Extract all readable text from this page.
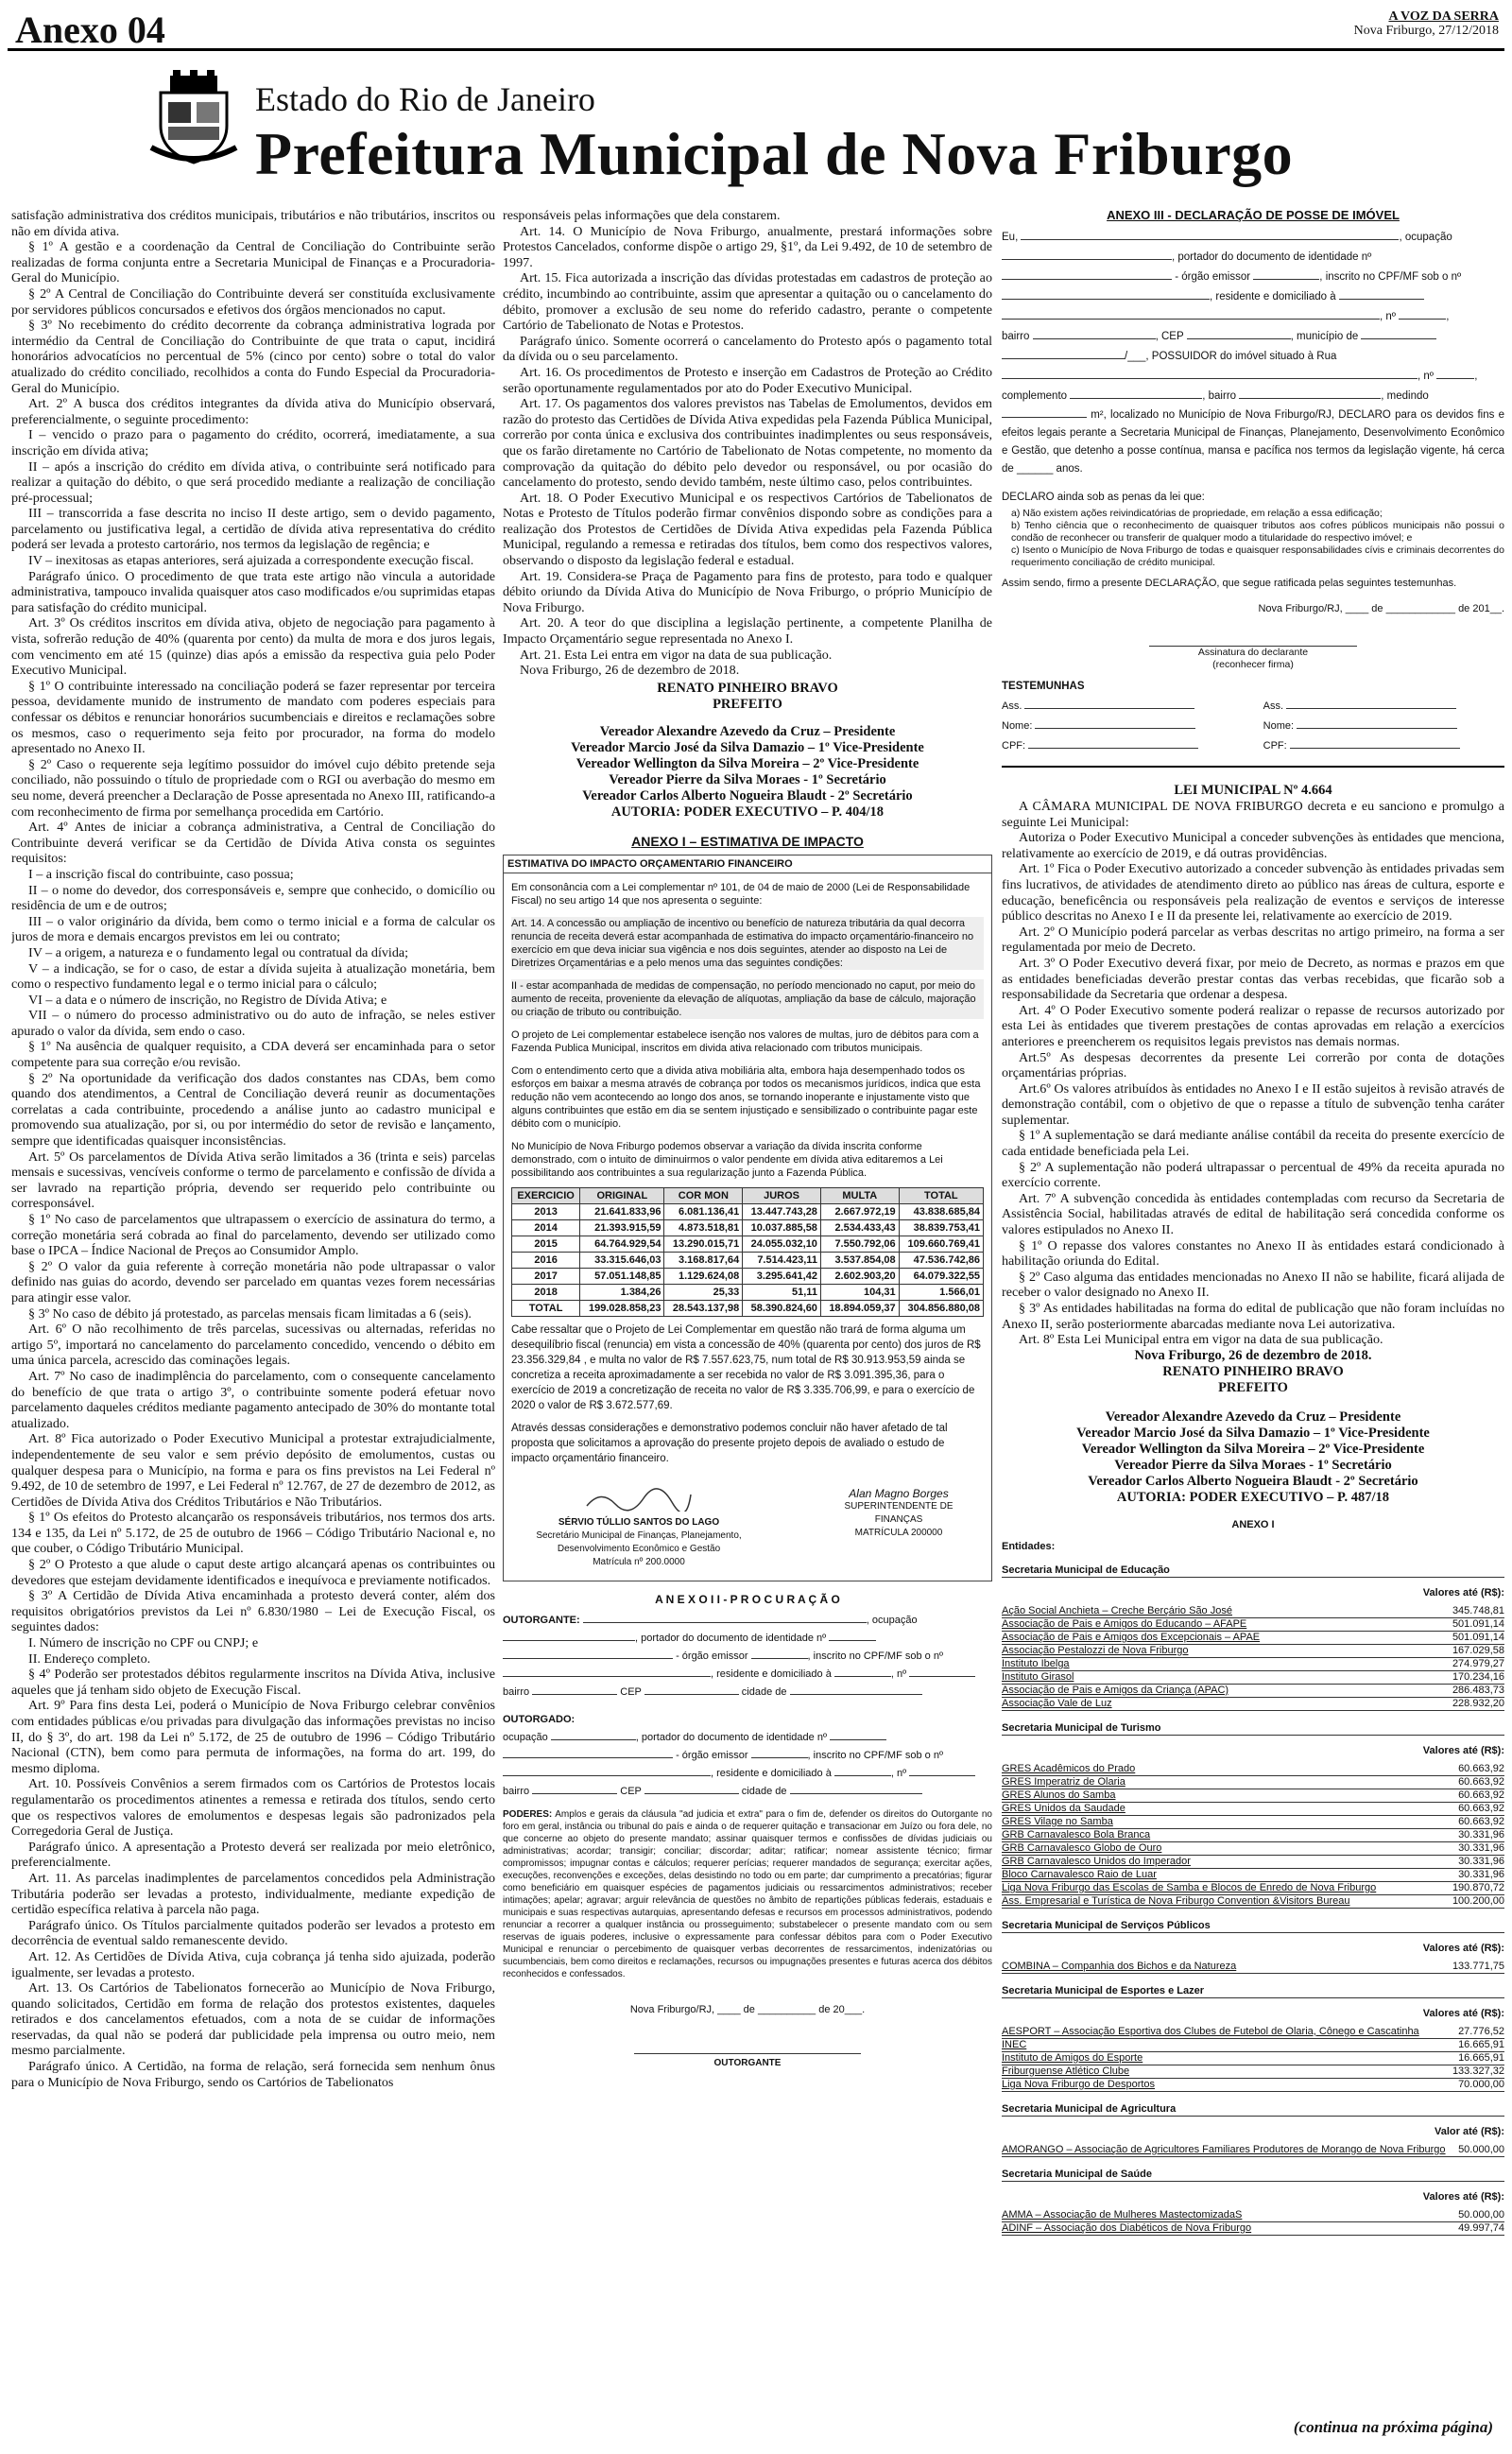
Anexo 04	A VOZ DA SERRA
Nova Friburgo, 27/12/2018
Estado do Rio de Janeiro
Prefeitura Municipal de Nova Friburgo

satisfação administrativa dos créditos municipais, tributários e não tributários, inscritos ou não em dívida ativa.

§ 1º A gestão e a coordenação da Central de Conciliação do Contribuinte serão realizadas de forma conjunta entre a Secretaria Municipal de Finanças e a Procuradoria-Geral do Município.

§ 2º A Central de Conciliação do Contribuinte deverá ser constituída exclusivamente por servidores públicos concursados e efetivos dos órgãos mencionados no caput.

§ 3º No recebimento do crédito decorrente da cobrança administrativa lograda por intermédio da Central de Conciliação do Contribuinte de que trata o caput, incidirá honorários advocatícios no percentual de 5% (cinco por cento) sobre o total do valor atualizado do crédito conciliado, recolhidos a conta do Fundo Especial da Procuradoria-Geral do Município.

Art. 2º A busca dos créditos integrantes da dívida ativa do Município observará, preferencialmente, o seguinte procedimento:

I – vencido o prazo para o pagamento do crédito, ocorrerá, imediatamente, a sua inscrição em dívida ativa;

II – após a inscrição do crédito em dívida ativa, o contribuinte será notificado para realizar a quitação do débito, o que será procedido mediante a realização de conciliação pré-processual;

III – transcorrida a fase descrita no inciso II deste artigo, sem o devido pagamento, parcelamento ou justificativa legal, a certidão de dívida ativa representativa do crédito poderá ser levada a protesto cartorário, nos termos da legislação de regência; e

IV – inexitosas as etapas anteriores, será ajuizada a correspondente execução fiscal.

Parágrafo único. O procedimento de que trata este artigo não vincula a autoridade administrativa, tampouco invalida quaisquer atos caso modificados e/ou suprimidas etapas para satisfação do crédito municipal.

Art. 3º Os créditos inscritos em dívida ativa, objeto de negociação para pagamento à vista, sofrerão redução de 40% (quarenta por cento) da multa de mora e dos juros legais, com vencimento em até 15 (quinze) dias após a emissão da respectiva guia pelo Poder Executivo Municipal.

§ 1º O contribuinte interessado na conciliação poderá se fazer representar por terceira pessoa, devidamente munido de instrumento de mandato com poderes especiais para confessar os débitos e renunciar honorários sucumbenciais e direitos e reclamações sobre os mesmos, caso o requerimento seja feito por procurador, na forma do modelo apresentado no Anexo II.

§ 2º Caso o requerente seja legítimo possuidor do imóvel cujo débito pretende seja conciliado, não possuindo o título de propriedade com o RGI ou averbação do mesmo em seu nome, deverá preencher a Declaração de Posse apresentada no Anexo III, ratificando-a com reconhecimento de firma por semelhança procedida em Cartório.

Art. 4º Antes de iniciar a cobrança administrativa, a Central de Conciliação do Contribuinte deverá verificar se da Certidão de Dívida Ativa consta os seguintes requisitos:

I – a inscrição fiscal do contribuinte, caso possua;

II – o nome do devedor, dos corresponsáveis e, sempre que conhecido, o domicílio ou residência de um e de outros;

III – o valor originário da dívida, bem como o termo inicial e a forma de calcular os juros de mora e demais encargos previstos em lei ou contrato;

IV – a origem, a natureza e o fundamento legal ou contratual da dívida;

V – a indicação, se for o caso, de estar a dívida sujeita à atualização monetária, bem como o respectivo fundamento legal e o termo inicial para o cálculo;

VI – a data e o número de inscrição, no Registro de Dívida Ativa; e

VII – o número do processo administrativo ou do auto de infração, se neles estiver apurado o valor da dívida, sem endo o caso.

§ 1º Na ausência de qualquer requisito, a CDA deverá ser encaminhada para o setor competente para sua correção e/ou revisão.

§ 2º Na oportunidade da verificação dos dados constantes nas CDAs, bem como quando dos atendimentos, a Central de Conciliação deverá reunir as documentações correlatas a cada contribuinte, procedendo a análise junto ao cadastro municipal e promovendo sua atualização, por si, ou por intermédio do setor de revisão e lançamento, sempre que identificadas quaisquer inconsistências.

Art. 5º Os parcelamentos de Dívida Ativa serão limitados a 36 (trinta e seis) parcelas mensais e sucessivas, vencíveis conforme o termo de parcelamento e confissão de dívida a ser lavrado na repartição própria, devendo ser requerido pelo contribuinte ou corresponsável.

§ 1º No caso de parcelamentos que ultrapassem o exercício de assinatura do termo, a correção monetária será cobrada ao final do parcelamento, devendo ser utilizado como base o IPCA – Índice Nacional de Preços ao Consumidor Amplo.

§ 2º O valor da guia referente à correção monetária não pode ultrapassar o valor definido nas guias do acordo, devendo ser parcelado em quantas vezes forem necessárias para atingir esse valor.

§ 3º No caso de débito já protestado, as parcelas mensais ficam limitadas a 6 (seis).

Art. 6º O não recolhimento de três parcelas, sucessivas ou alternadas, referidas no artigo 5º, importará no cancelamento do parcelamento concedido, vencendo o débito em uma única parcela, acrescido das cominações legais.

Art. 7º No caso de inadimplência do parcelamento, com o consequente cancelamento do benefício de que trata o artigo 3º, o contribuinte somente poderá efetuar novo parcelamento daqueles créditos mediante pagamento antecipado de 30% do montante total atualizado.

Art. 8º Fica autorizado o Poder Executivo Municipal a protestar extrajudicialmente, independentemente de seu valor e sem prévio depósito de emolumentos, custas ou qualquer despesa para o Município, na forma e para os fins previstos na Lei Federal nº 9.492, de 10 de setembro de 1997, e Lei Federal nº 12.767, de 27 de dezembro de 2012, as Certidões de Dívida Ativa dos Créditos Tributários e Não Tributários.

§ 1º Os efeitos do Protesto alcançarão os responsáveis tributários, nos termos dos arts. 134 e 135, da Lei nº 5.172, de 25 de outubro de 1966 – Código Tributário Nacional e, no que couber, o Código Tributário Municipal.

§ 2º O Protesto a que alude o caput deste artigo alcançará apenas os contribuintes ou devedores que estejam devidamente identificados e inequívoca e previamente notificados.

§ 3º A Certidão de Dívida Ativa encaminhada a protesto deverá conter, além dos requisitos obrigatórios previstos da Lei nº 6.830/1980 – Lei de Execução Fiscal, os seguintes dados:

I. Número de inscrição no CPF ou CNPJ; e

II. Endereço completo.

§ 4º Poderão ser protestados débitos regularmente inscritos na Dívida Ativa, inclusive aqueles que já tenham sido objeto de Execução Fiscal.

Art. 9º Para fins desta Lei, poderá o Município de Nova Friburgo celebrar convênios com entidades públicas e/ou privadas para divulgação das informações previstas no inciso II, do § 3º, do art. 198 da Lei nº 5.172, de 25 de outubro de 1996 – Código Tributário Nacional (CTN), bem como para permuta de informações, na forma do art. 199, do mesmo diploma.

Art. 10. Possíveis Convênios a serem firmados com os Cartórios de Protestos locais regulamentarão os procedimentos atinentes a remessa e retirada dos títulos, sendo certo que os respectivos valores de emolumentos e despesas legais são padronizados pela Corregedoria Geral de Justiça.

Parágrafo único. A apresentação a Protesto deverá ser realizada por meio eletrônico, preferencialmente.

Art. 11. As parcelas inadimplentes de parcelamentos concedidos pela Administração Tributária poderão ser levadas a protesto, individualmente, mediante expedição de certidão específica relativa à parcela não paga.

Parágrafo único. Os Títulos parcialmente quitados poderão ser levados a protesto em decorrência de eventual saldo remanescente devido.

Art. 12. As Certidões de Dívida Ativa, cuja cobrança já tenha sido ajuizada, poderão igualmente, ser levadas a protesto.

Art. 13. Os Cartórios de Tabelionatos fornecerão ao Município de Nova Friburgo, quando solicitados, Certidão em forma de relação dos protestos existentes, daqueles retirados e dos cancelamentos efetuados, com a nota de se cuidar de informações reservadas, da qual não se poderá dar publicidade pela imprensa ou outro meio, nem mesmo parcialmente.

Parágrafo único. A Certidão, na forma de relação, será fornecida sem nenhum ônus para o Município de Nova Friburgo, sendo os Cartórios de Tabelionatos

responsáveis pelas informações que dela constarem.

Art. 14. O Município de Nova Friburgo, anualmente, prestará informações sobre Protestos Cancelados, conforme dispõe o artigo 29, §1º, da Lei 9.492, de 10 de setembro de 1997.

Art. 15. Fica autorizada a inscrição das dívidas protestadas em cadastros de proteção ao crédito, incumbindo ao contribuinte, assim que apresentar a quitação ou o cancelamento do débito, promover a exclusão de seu nome do referido cadastro, perante o competente Cartório de Tabelionato de Notas e Protestos.

Parágrafo único. Somente ocorrerá o cancelamento do Protesto após o pagamento total da dívida ou o seu parcelamento.

Art. 16. Os procedimentos de Protesto e inserção em Cadastros de Proteção ao Crédito serão oportunamente regulamentados por ato do Poder Executivo Municipal.

Art. 17. Os pagamentos dos valores previstos nas Tabelas de Emolumentos, devidos em razão do protesto das Certidões de Dívida Ativa expedidas pela Fazenda Pública Municipal, correrão por conta única e exclusiva dos contribuintes inadimplentes ou seus responsáveis, que os farão diretamente no Cartório de Tabelionato de Notas competente, no momento da comprovação da quitação do débito pelo devedor ou responsável, ou por ocasião do cancelamento do protesto, sendo devido também, neste último caso, pelos contribuintes.

Art. 18. O Poder Executivo Municipal e os respectivos Cartórios de Tabelionatos de Notas e Protesto de Títulos poderão firmar convênios dispondo sobre as condições para a realização dos Protestos de Certidões de Dívida Ativa expedidas pela Fazenda Pública Municipal, regulando a remessa e retiradas dos títulos, bem como dos respectivos valores, observando o disposto da legislação federal e estadual.

Art. 19. Considera-se Praça de Pagamento para fins de protesto, para todo e qualquer débito oriundo da Dívida Ativa do Município de Nova Friburgo, o próprio Município de Nova Friburgo.

Art. 20. A teor do que disciplina a legislação pertinente, a competente Planilha de Impacto Orçamentário segue representada no Anexo I.

Art. 21. Esta Lei entra em vigor na data de sua publicação.

Nova Friburgo, 26 de dezembro de 2018.

RENATO PINHEIRO BRAVO
PREFEITO
Vereador Alexandre Azevedo da Cruz – Presidente
Vereador Marcio José da Silva Damazio – 1º Vice-Presidente
Vereador Wellington da Silva Moreira – 2º Vice-Presidente
Vereador Pierre da Silva Moraes - 1º Secretário
Vereador Carlos Alberto Nogueira Blaudt - 2º Secretário
AUTORIA: PODER EXECUTIVO – P. 404/18
ANEXO I – ESTIMATIVA DE IMPACTO
ESTIMATIVA DO IMPACTO ORÇAMENTARIO FINANCEIRO

Em consonância com a Lei complementar nº 101, de 04 de maio de 2000 (Lei de Responsabilidade Fiscal) no seu artigo 14 que nos apresenta o seguinte:

Art. 14. A concessão ou ampliação de incentivo ou benefício de natureza tributária da qual decorra renuncia de receita deverá estar acompanhada de estimativa do impacto orçamentário-financeiro no exercício em que deva iniciar sua vigência e nos dois seguintes, atender ao disposto na Lei de Diretrizes Orçamentárias e a pelo menos uma das seguintes condições:

II - estar acompanhada de medidas de compensação, no período mencionado no caput, por meio do aumento de receita, proveniente da elevação de alíquotas, ampliação da base de cálculo, majoração ou criação de tributo ou contribuição.

O projeto de Lei complementar estabelece isenção nos valores de multas, juro de débitos para com a Fazenda Publica Municipal, inscritos em divida ativa relacionado com tributos municipais.

Com o entendimento certo que a divida ativa mobiliária alta, embora haja desempenhado todos os esforços em baixar a mesma através de cobrança por todos os mecanismos jurídicos, indica que esta redução não vem acontecendo ao longo dos anos, se tornando inoperante e injustamente visto que alguns contribuintes que estão em dia se sentem injustiçado e sensibilizado o contribuinte pagar este débito com o município.

No Município de Nova Friburgo podemos observar a variação da dívida inscrita conforme demonstrado, com o intuito de diminuirmos o valor pendente em dívida ativa editaremos a Lei possibilitando aos contribuintes a sua regularização junto a Fazenda Pública.

EXERCICIO	ORIGINAL	COR MON	JUROS	MULTA	TOTAL
2013	21.641.833,96	6.081.136,41	13.447.743,28	2.667.972,19	43.838.685,84
2014	21.393.915,59	4.873.518,81	10.037.885,58	2.534.433,43	38.839.753,41
2015	64.764.929,54	13.290.015,71	24.055.032,10	7.550.792,06	109.660.769,41
2016	33.315.646,03	3.168.817,64	7.514.423,11	3.537.854,08	47.536.742,86
2017	57.051.148,85	1.129.624,08	3.295.641,42	2.602.903,20	64.079.322,55
2018	1.384,26	25,33	51,11	104,31	1.566,01
TOTAL	199.028.858,23	28.543.137,98	58.390.824,60	18.894.059,37	304.856.880,08

Cabe ressaltar que o Projeto de Lei Complementar em questão não trará de forma alguma um desequilíbrio fiscal (renuncia) em vista a concessão de 40% (quarenta por cento) dos juros de R$ 23.356.329,84 , e multa no valor de R$ 7.557.623,75, num total de R$ 30.913.953,59 ainda se concretiza a receita aproximadamente a ser recebida no valor de R$ 3.091.395,36, para o exercício de 2019 a concretização de receita no valor de R$ 3.335.706,99, e para o exercício de 2020 o valor de R$ 3.672.577,69.

Através dessas considerações e demonstrativo podemos concluir não haver afetado de tal proposta que solicitamos a aprovação do presente projeto depois de avaliado o estudo de impacto orçamentário financeiro.

SÉRVIO TÚLLIO SANTOS DO LAGO
Secretário Municipal de Finanças, Planejamento,
Desenvolvimento Econômico e Gestão
Matrícula nº 200.0000
Alan Magno Borges
SUPERINTENDENTE DE FINANÇAS
MATRÍCULA 200000
A N E X O I I - P R O C U R A Ç Ã O
OUTORGANTE:	, ocupação
, portador do documento de identidade nº
- órgão emissor	, inscrito no CPF/MF sob o nº
, residente e domiciliado à	, nº
bairro	CEP	cidade de
OUTORGADO:
ocupação	, portador do documento de identidade nº
- órgão emissor	, inscrito no CPF/MF sob o nº
, residente e domiciliado à	, nº
bairro	CEP	cidade de
PODERES: Amplos e gerais da cláusula "ad judicia et extra" para o fim de, defender os direitos do Outorgante no foro em geral, instância ou tribunal do país e ainda o de requerer quitação e transacionar em Juízo ou fora dele, no que concerne ao objeto do presente mandato; assinar quaisquer termos e confissões de dívidas judiciais ou administrativas; acordar; transigir; conciliar; discordar; aditar; ratificar; nomear assistente técnico; firmar compromissos; impugnar contas e cálculos; requerer perícias; requerer mandados de segurança; exercitar ações, execuções, reconvenções e exceções, delas desistindo no todo ou em parte; dar cumprimento a precatórias; figurar como beneficiário em quaisquer espécies de pagamentos judiciais ou ressarcimentos administrativos; receber intimações; apelar; agravar; arguir relevância de questões no âmbito de repartições públicas federais, estaduais e municipais e suas respectivas autarquias, apresentando defesas e recursos em processos administrativos, podendo renunciar a recorrer a qualquer instância ou prosseguimento; substabelecer o presente mandato com ou sem reservas de iguais poderes, inclusive o expressamente para confessar débitos para com o Poder Executivo Municipal e renunciar o percebimento de quaisquer verbas decorrentes de ressarcimentos, indenizatórias ou sucumbenciais, bem como direitos e reclamações, recursos ou impugnações presentes e futuras acerca dos débitos reconhecidos e confessados.
Nova Friburgo/RJ, ____ de __________ de 20___.
OUTORGANTE
ANEXO III - DECLARAÇÃO DE POSSE DE IMÓVEL
Eu,	, ocupação
, portador do documento de identidade nº
- órgão emissor	, inscrito no CPF/MF sob o nº
, residente e domiciliado à
, nº	,
bairro	, CEP	, município de
/___, POSSUIDOR do imóvel situado à Rua
, nº	,
complemento	, bairro	, medindo
m², localizado no Município de Nova Friburgo/RJ, DECLARO para os devidos fins e efeitos legais perante a Secretaria Municipal de Finanças, Planejamento, Desenvolvimento Econômico e Gestão, que detenho a posse contínua, mansa e pacífica nos termos da legislação vigente, há cerca de ______ anos.
DECLARO ainda sob as penas da lei que:
a) Não existem ações reivindicatórias de propriedade, em relação a essa edificação;
b) Tenho ciência que o reconhecimento de quaisquer tributos aos cofres públicos municipais não possui o condão de reconhecer ou transferir de qualquer modo a titularidade do respectivo imóvel; e
c) Isento o Município de Nova Friburgo de todas e quaisquer responsabilidades cívis e criminais decorrentes do requerimento conciliação de crédito municipal.
Assim sendo, firmo a presente DECLARAÇÃO, que segue ratificada pelas seguintes testemunhas.
Nova Friburgo/RJ, ____ de ____________ de 201__.
Assinatura do declarante
(reconhecer firma)
TESTEMUNHAS
Ass.
Nome:
CPF:
Ass.
Nome:
CPF:
LEI MUNICIPAL Nº 4.664

A CÂMARA MUNICIPAL DE NOVA FRIBURGO decreta e eu sanciono e promulgo a seguinte Lei Municipal:

Autoriza o Poder Executivo Municipal a conceder subvenções às entidades que menciona, relativamente ao exercício de 2019, e dá outras providências.

Art. 1º Fica o Poder Executivo autorizado a conceder subvenção às entidades privadas sem fins lucrativos, de atividades de atendimento direto ao público nas áreas de cultura, esporte e educação, beneficência ou responsáveis pela realização de eventos e serviços de interesse público descritas no Anexo I e II da presente lei, relativamente ao exercício de 2019.

Art. 2º O Município poderá parcelar as verbas descritas no artigo primeiro, na forma a ser regulamentada por meio de Decreto.

Art. 3º O Poder Executivo deverá fixar, por meio de Decreto, as normas e prazos em que as entidades beneficiadas deverão prestar contas das verbas recebidas, que ficarão sob a responsabilidade da Secretaria que ordenar a despesa.

Art. 4º O Poder Executivo somente poderá realizar o repasse de recursos autorizado por esta Lei às entidades que tiverem prestações de contas aprovadas em relação a exercícios anteriores e preencherem os requisitos legais previstos nas demais normas.

Art.5º As despesas decorrentes da presente Lei correrão por conta de dotações orçamentárias próprias.

Art.6º Os valores atribuídos às entidades no Anexo I e II estão sujeitos à revisão através de demonstração contábil, com o objetivo de que o repasse a título de subvenção tenha caráter suplementar.

§ 1º A suplementação se dará mediante análise contábil da receita do presente exercício de cada entidade beneficiada pela Lei.

§ 2º A suplementação não poderá ultrapassar o percentual de 49% da receita apurada no exercício corrente.

Art. 7º A subvenção concedida às entidades contempladas com recurso da Secretaria de Assistência Social, habilitadas através de edital de habilitação será concedida conforme os valores estipulados no Anexo II.

§ 1º O repasse dos valores constantes no Anexo II às entidades estará condicionado à habilitação oriunda do Edital.

§ 2º Caso alguma das entidades mencionadas no Anexo II não se habilite, ficará alijada de receber o valor designado no Anexo II.

§ 3º As entidades habilitadas na forma do edital de publicação que não foram incluídas no Anexo II, serão posteriormente abarcadas mediante nova Lei autorizativa.

Art. 8º Esta Lei Municipal entra em vigor na data de sua publicação.

Nova Friburgo, 26 de dezembro de 2018.
RENATO PINHEIRO BRAVO
PREFEITO
Vereador Alexandre Azevedo da Cruz – Presidente
Vereador Marcio José da Silva Damazio – 1º Vice-Presidente
Vereador Wellington da Silva Moreira – 2º Vice-Presidente
Vereador Pierre da Silva Moraes - 1º Secretário
Vereador Carlos Alberto Nogueira Blaudt - 2º Secretário
AUTORIA: PODER EXECUTIVO – P. 487/18
ANEXO I
Entidades:
Secretaria Municipal de Educação
Valores até (R$):
Ação Social Anchieta – Creche Berçário São José	345.748,81
Associação de Pais e Amigos do Educando – AFAPE	501.091,14
Associação de Pais e Amigos dos Excepcionais – APAE	501.091,14
Associação Pestalozzi de Nova Friburgo	167.029,58
Instituto Ibelga	274.979,27
Instituto Girasol	170.234,16
Associação de Pais e Amigos da Criança (APAC)	286.483,73
Associação Vale de Luz	228.932,20
Secretaria Municipal de Turismo
Valores até (R$):
GRES Acadêmicos do Prado	60.663,92
GRES Imperatriz de Olaria	60.663,92
GRES Alunos do Samba	60.663,92
GRES Unidos da Saudade	60.663,92
GRES Vilage no Samba	60.663,92
GRB Carnavalesco Bola Branca	30.331,96
GRB Carnavalesco Globo de Ouro	30.331,96
GRB Carnavalesco Unidos do Imperador	30.331,96
Bloco Carnavalesco Raio de Luar	30.331,96
Liga Nova Friburgo das Escolas de Samba e Blocos de Enredo de Nova Friburgo	190.870,72
Ass. Empresarial e Turística de Nova Friburgo Convention &Visitors Bureau	100.200,00
Secretaria Municipal de Serviços Públicos
Valores até (R$):
COMBINA – Companhia dos Bichos e da Natureza	133.771,75
Secretaria Municipal de Esportes e Lazer
Valores até (R$):
AESPORT – Associação Esportiva dos Clubes de Futebol de Olaria, Cônego e Cascatinha	27.776,52
INEC	16.665,91
Instituto de Amigos do Esporte	16.665,91
Friburguense Atlético Clube	133.327,32
Liga Nova Friburgo de Desportos	70.000,00
Secretaria Municipal de Agricultura
Valor até (R$):
AMORANGO – Associação de Agricultores Familiares Produtores de Morango de Nova Friburgo 50.000,00
Secretaria Municipal de Saúde
Valores até (R$):
AMMA – Associação de Mulheres MastectomizadaS	50.000,00
ADINF – Associação dos Diabéticos de Nova Friburgo	49.997,74
(continua na próxima página)
